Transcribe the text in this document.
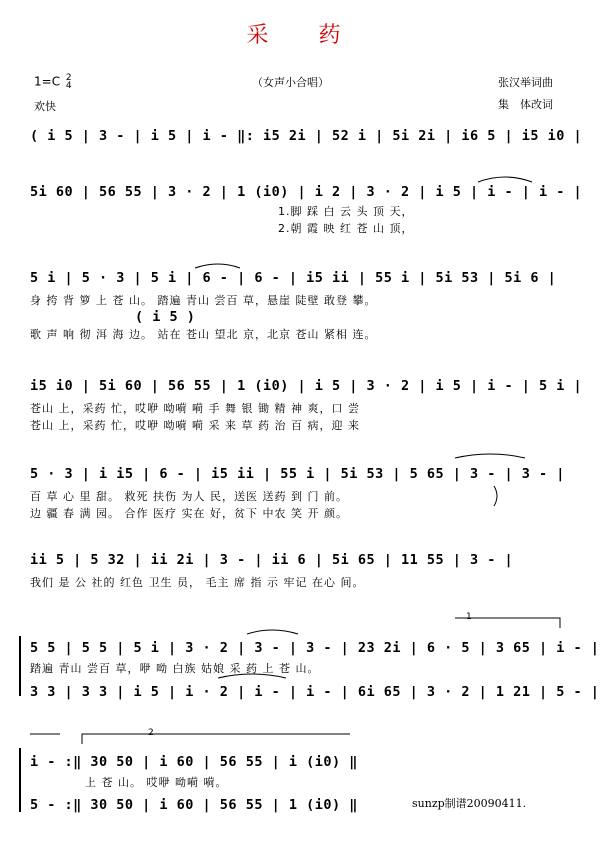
采　药
1=C 2
4
欢快
（女声小合唱）	张汉举词曲
集　体改词
( i 5 | 3 - | i 5 | i - ‖: i5 2i | 52 i | 5i 2i | i6 5 | i5 i0 |
5i 60 | 56 55 | 3 · 2 | 1 (i0) | i 2 | 3 · 2 | i 5 | i - | i - |
1.脚 踩 白 云 头 顶 天，
2.朝 霞 映 红 苍 山 顶，
5 i | 5 · 3 | 5 i | 6 - | 6 - | i5 ii | 55 i | 5i 53 | 5i 6 |
身 挎 背 箩 上 苍 山。 踏遍 青山 尝百 草，悬崖 陡壁 敢登 攀。
( i 5 )
歌 声 响 彻 洱 海 边。 站在 苍山 望北 京，北京 苍山 紧相 连。
i5 i0 | 5i 60 | 56 55 | 1 (i0) | i 5 | 3 · 2 | i 5 | i - | 5 i |
苍山 上，采药 忙，哎咿 呦嗬 嗬 手 舞 银 锄 精 神 爽，口 尝
苍山 上，采药 忙，哎咿 呦嗬 嗬 采 来 草 药 治 百 病，迎 来
5 · 3 | i i5 | 6 - | i5 ii | 55 i | 5i 53 | 5 65 | 3 - | 3 - |
百 草 心 里 甜。 救死 扶伤 为人 民，送医 送药 到 门 前。
边 疆 春 满 园。 合作 医疗 实在 好，贫下 中农 笑 开 颜。
ii 5 | 5 32 | ii 2i | 3 - | ii 6 | 5i 65 | 11 55 | 3 - |
我们 是 公 社的 红色 卫生 员， 毛主 席 指 示 牢记 在心 间。
1
5 5 | 5 5 | 5 i | 3 · 2 | 3 - | 3 - | 23 2i | 6 · 5 | 3 65 | i - |
踏遍 青山 尝百 草，咿 呦 白族 姑娘 采 药 上 苍 山。
3 3 | 3 3 | i 5 | i · 2 | i - | i - | 6i 65 | 3 · 2 | 1 21 | 5 - |
2
i - :‖ 30 50 | i 60 | 56 55 | i (i0) ‖
上 苍 山。 哎咿 呦嗬 嗬。
5 - :‖ 30 50 | i 60 | 56 55 | 1 (i0) ‖	sunzp制谱20090411.
